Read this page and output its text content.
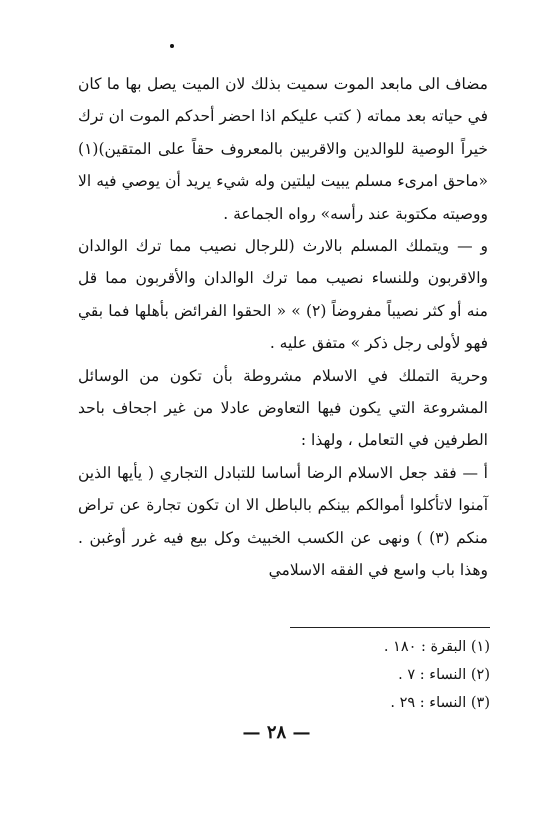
مضاف الى مابعد الموت سميت بذلك لان الميت يصل بها ما كان في حياته بعد مماته ( كتب عليكم اذا احضر أحدكم الموت ان ترك خيراً الوصية للوالدين والاقربين بالمعروف حقاً على المتقين)(١) «ماحق امرىء مسلم يبيت ليلتين وله شيء يريد أن يوصي فيه الا ووصيته مكتوبة عند رأسه» رواه الجماعة .

و — ويتملك المسلم بالارث (للرجال نصيب مما ترك الوالدان والاقربون وللنساء نصيب مما ترك الوالدان والأقربون مما قل منه أو كثر نصيباً مفروضاً (٢) » « الحقوا الفرائض بأهلها فما بقي فهو لأولى رجل ذكر » متفق عليه .

وحرية التملك في الاسلام مشروطة بأن تكون من الوسائل المشروعة التي يكون فيها التعاوض عادلا من غير اجحاف باحد الطرفين في التعامل ، ولهذا :

أ — فقد جعل الاسلام الرضا أساسا للتبادل التجاري ( يأيها الذين آمنوا لاتأكلوا أموالكم بينكم بالباطل الا ان تكون تجارة عن تراض منكم (٣) ) ونهى عن الكسب الخبيث وكل بيع فيه غرر أوغبن . وهذا باب واسع في الفقه الاسلامي

(١) البقرة : ١٨٠ .

(٢) النساء : ٧ .

(٣) النساء : ٢٩ .

— ٢٨ —
